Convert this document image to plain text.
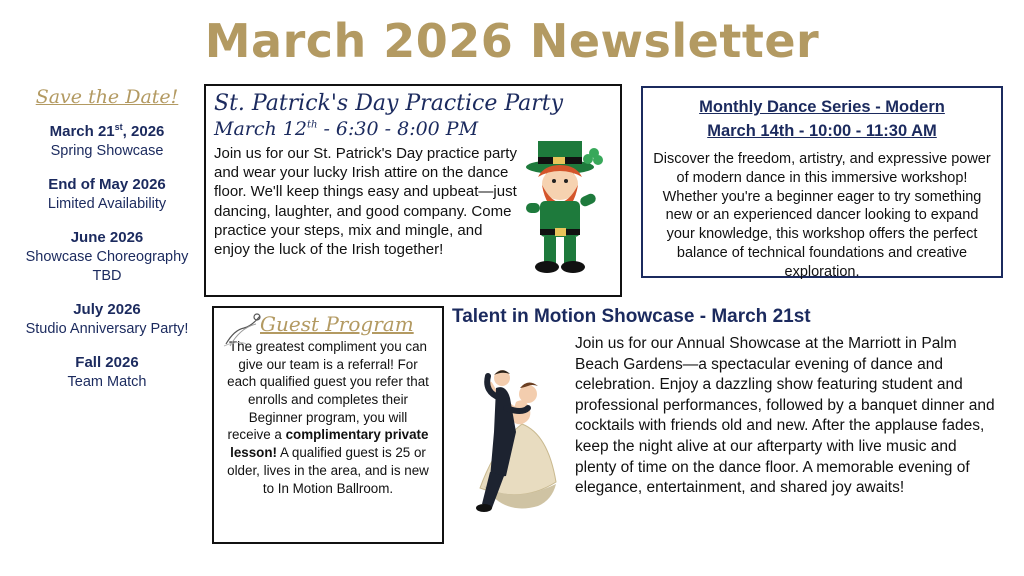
March 2026 Newsletter
Save the Date!
March 21st, 2026
Spring Showcase
End of May 2026
Limited Availability
June 2026
Showcase Choreography TBD
July 2026
Studio Anniversary Party!
Fall 2026
Team Match
St. Patrick's Day Practice Party
March 12th - 6:30 - 8:00 PM
Join us for our St. Patrick's Day practice party and wear your lucky Irish attire on the dance floor. We'll keep things easy and upbeat—just dancing, laughter, and good company. Come practice your steps, mix and mingle, and enjoy the luck of the Irish together!
Monthly Dance Series - Modern
March 14th - 10:00 - 11:30 AM
Discover the freedom, artistry, and expressive power of modern dance in this immersive workshop! Whether you're a beginner eager to try something new or an experienced dancer looking to expand your knowledge, this workshop offers the perfect balance of technical foundations and creative exploration.
Guest Program
The greatest compliment you can give our team is a referral! For each qualified guest you refer that enrolls and completes their Beginner program, you will receive a complimentary private lesson! A qualified guest is 25 or older, lives in the area, and is new to In Motion Ballroom.
Talent in Motion Showcase - March 21st
Join us for our Annual Showcase at the Marriott in Palm Beach Gardens—a spectacular evening of dance and celebration. Enjoy a dazzling show featuring student and professional performances, followed by a banquet dinner and cocktails with friends old and new. After the applause fades, keep the night alive at our afterparty with live music and plenty of time on the dance floor. A memorable evening of elegance, entertainment, and shared joy awaits!
